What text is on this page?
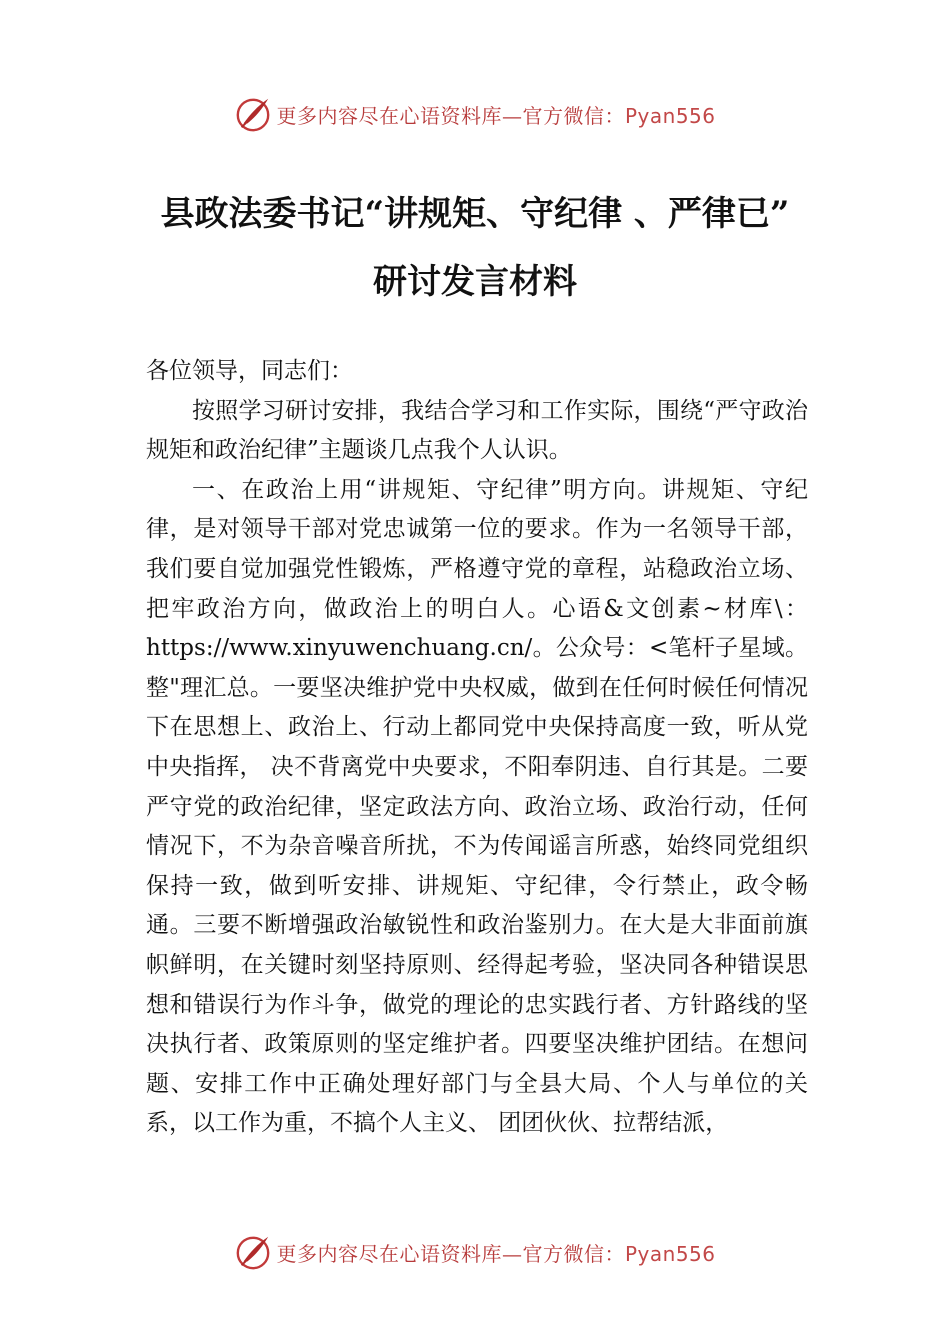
更多内容尽在心语资料库—官方微信：Pyan556
县政法委书记“讲规矩、守纪律 、严律已”
研讨发言材料

各位领导，同志们：

按照学习研讨安排，我结合学习和工作实际，围绕“严守政治规矩和政治纪律”主题谈几点我个人认识。

一、在政治上用“讲规矩、守纪律”明方向。讲规矩、守纪律，是对领导干部对党忠诚第一位的要求。作为一名领导干部，我们要自觉加强党性锻炼，严格遵守党的章程，站稳政治立场、把牢政治方向，做政治上的明白人。心语&文创素~材库\：https://www.xinyuwenchuang.cn/。公众号：<笔杆子星域。整"理汇总。一要坚决维护党中央权威，做到在任何时候任何情况下在思想上、政治上、行动上都同党中央保持高度一致，听从党中央指挥， 决不背离党中央要求，不阳奉阴违、自行其是。二要严守党的政治纪律，坚定政法方向、政治立场、政治行动，任何情况下，不为杂音噪音所扰，不为传闻谣言所惑，始终同党组织保持一致，做到听安排、讲规矩、守纪律，令行禁止，政令畅通。三要不断增强政治敏锐性和政治鉴别力。在大是大非面前旗帜鲜明，在关键时刻坚持原则、经得起考验，坚决同各种错误思想和错误行为作斗争，做党的理论的忠实践行者、方针路线的坚决执行者、政策原则的坚定维护者。四要坚决维护团结。在想问题、安排工作中正确处理好部门与全县大局、个人与单位的关系，以工作为重，不搞个人主义、 团团伙伙、拉帮结派，

更多内容尽在心语资料库—官方微信：Pyan556
